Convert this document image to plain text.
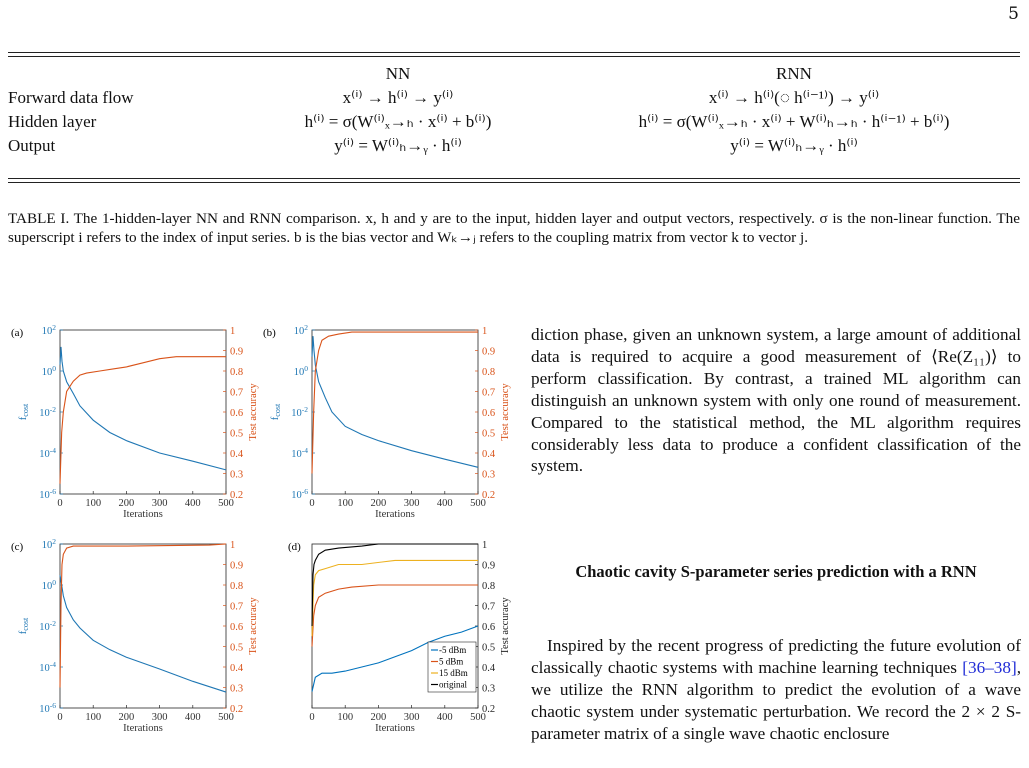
5
	NN	RNN
Forward data flow	x⁽ⁱ⁾ → h⁽ⁱ⁾ → y⁽ⁱ⁾	x⁽ⁱ⁾ → h⁽ⁱ⁾(◌ h⁽ⁱ⁻¹⁾) → y⁽ⁱ⁾
Hidden layer	h⁽ⁱ⁾ = σ(W⁽ⁱ⁾ₓ→ₕ · x⁽ⁱ⁾ + b⁽ⁱ⁾)	h⁽ⁱ⁾ = σ(W⁽ⁱ⁾ₓ→ₕ · x⁽ⁱ⁾ + W⁽ⁱ⁾ₕ→ₕ · h⁽ⁱ⁻¹⁾ + b⁽ⁱ⁾)
Output	y⁽ⁱ⁾ = W⁽ⁱ⁾ₕ→ᵧ · h⁽ⁱ⁾	y⁽ⁱ⁾ = W⁽ⁱ⁾ₕ→ᵧ · h⁽ⁱ⁾
TABLE I. The 1-hidden-layer NN and RNN comparison. x, h and y are to the input, hidden layer and output vectors, respectively. σ is the non-linear function. The superscript i refers to the index of input series. b is the bias vector and Wₖ→ⱼ refers to the coupling matrix from vector k to vector j.
(a)
0 100 200 300 400 500
Iterations
$10^{-6}$
$10^{-4}$
$10^{-2}$
$10^0$
$10^2$
fcost
0.2
0.3
0.4
0.5
0.6
0.7
0.8
0.9
1
Test accuracy
(b)
0 100 200 300 400 500
Iterations
$10^{-6}$
$10^{-4}$
$10^{-2}$
$10^0$
$10^2$
fcost
0.2
0.3
0.4
0.5
0.6
0.7
0.8
0.9
1
Test accuracy
(c)
0 100 200 300 400 500
Iterations
$10^{-6}$
$10^{-4}$
$10^{-2}$
$10^0$
$10^2$
fcost
0.2
0.3
0.4
0.5
0.6
0.7
0.8
0.9
1
Test accuracy
(d)
0 100 200 300 400 500
Iterations
0.2
0.3
0.4
0.5
0.6
0.7
0.8
0.9
1
Test accuracy
-5 dBm
5 dBm
15 dBm
original
diction phase, given an unknown system, a large amount of additional data is required to acquire a good measurement of ⟨Re(Z₁₁)⟩ to perform classification. By contrast, a trained ML algorithm can distinguish an unknown system with only one round of measurement. Compared to the statistical method, the ML algorithm requires considerably less data to produce a confident classification of the system.
Chaotic cavity S-parameter series prediction with a RNN
Inspired by the recent progress of predicting the future evolution of classically chaotic systems with machine learning techniques [36–38], we utilize the RNN algorithm to predict the evolution of a wave chaotic system under systematic perturbation. We record the 2 × 2 S-parameter matrix of a single wave chaotic enclosure
